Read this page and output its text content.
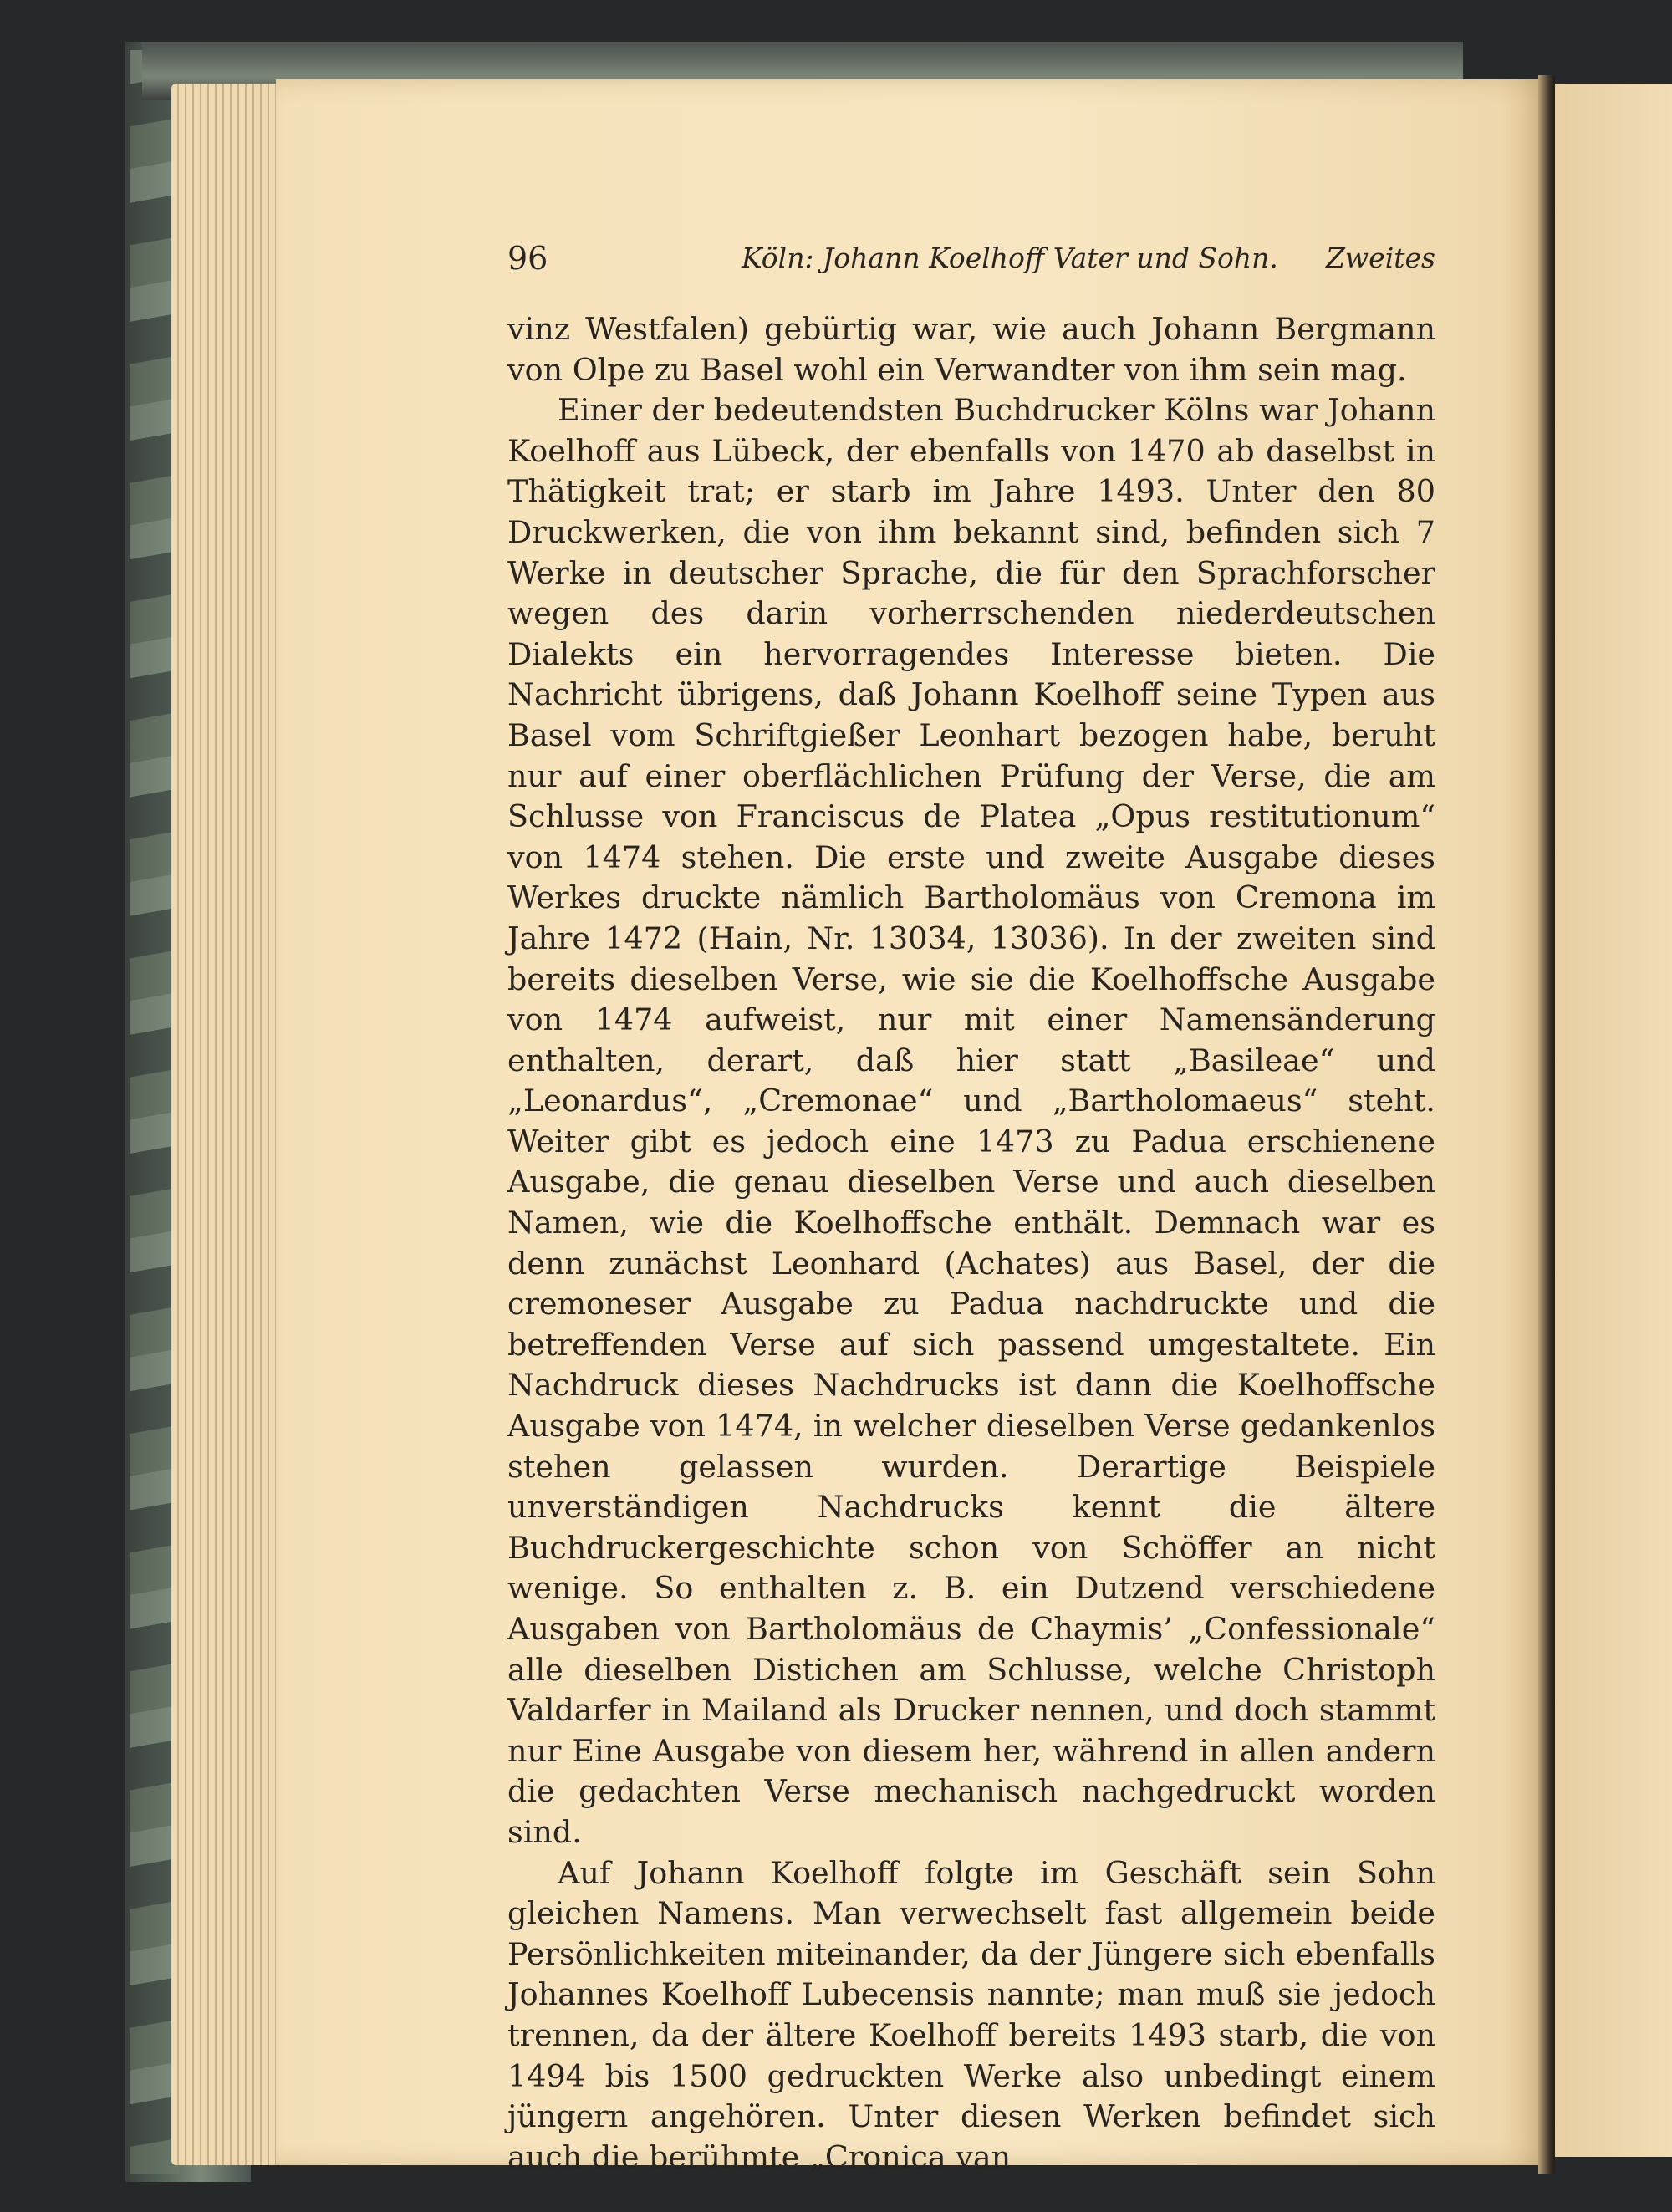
96	Köln: Johann Koelhoff Vater und Sohn. Zweites

vinz Westfalen) gebürtig war, wie auch Johann Bergmann von Olpe zu Basel wohl ein Verwandter von ihm sein mag.

Einer der bedeutendsten Buchdrucker Kölns war Johann Koelhoff aus Lübeck, der ebenfalls von 1470 ab daselbst in Thätigkeit trat; er starb im Jahre 1493. Unter den 80 Druckwerken, die von ihm bekannt sind, befinden sich 7 Werke in deutscher Sprache, die für den Sprachforscher wegen des darin vorherrschenden niederdeutschen Dialekts ein hervorragendes Interesse bieten. Die Nachricht übrigens, daß Johann Koelhoff seine Typen aus Basel vom Schriftgießer Leonhart bezogen habe, beruht nur auf einer oberflächlichen Prüfung der Verse, die am Schlusse von Franciscus de Platea „Opus restitutionum“ von 1474 stehen. Die erste und zweite Ausgabe dieses Werkes druckte nämlich Bartholomäus von Cremona im Jahre 1472 (Hain, Nr. 13034, 13036). In der zweiten sind bereits dieselben Verse, wie sie die Koelhoffsche Ausgabe von 1474 aufweist, nur mit einer Namensänderung enthalten, derart, daß hier statt „Basileae“ und „Leonardus“, „Cremonae“ und „Bartholomaeus“ steht. Weiter gibt es jedoch eine 1473 zu Padua erschienene Ausgabe, die genau dieselben Verse und auch dieselben Namen, wie die Koelhoffsche enthält. Demnach war es denn zunächst Leonhard (Achates) aus Basel, der die cremoneser Ausgabe zu Padua nachdruckte und die betreffenden Verse auf sich passend umgestaltete. Ein Nachdruck dieses Nachdrucks ist dann die Koelhoffsche Ausgabe von 1474, in welcher dieselben Verse gedankenlos stehen gelassen wurden. Derartige Beispiele unverständigen Nachdrucks kennt die ältere Buchdruckergeschichte schon von Schöffer an nicht wenige. So enthalten z. B. ein Dutzend verschiedene Ausgaben von Bartholomäus de Chaymis’ „Confessionale“ alle dieselben Distichen am Schlusse, welche Christoph Valdarfer in Mailand als Drucker nennen, und doch stammt nur Eine Ausgabe von diesem her, während in allen andern die gedachten Verse mechanisch nachgedruckt worden sind.

Auf Johann Koelhoff folgte im Geschäft sein Sohn gleichen Namens. Man verwechselt fast allgemein beide Persönlichkeiten miteinander, da der Jüngere sich ebenfalls Johannes Koelhoff Lubecensis nannte; man muß sie jedoch trennen, da der ältere Koelhoff bereits 1493 starb, die von 1494 bis 1500 gedruckten Werke also unbedingt einem jüngern angehören. Unter diesen Werken befindet sich auch die berühmte „Cronica van
